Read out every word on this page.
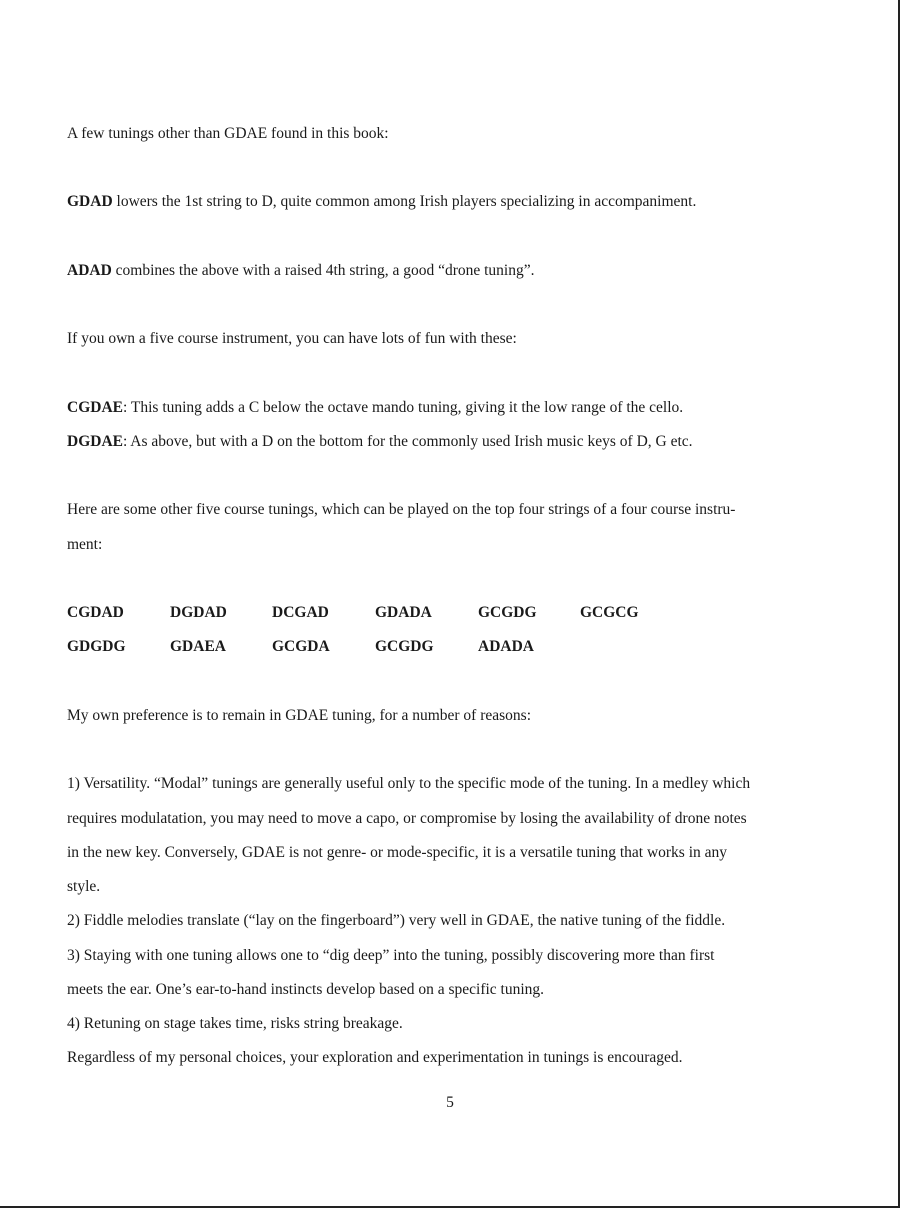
A few tunings other than GDAE found in this book:
GDAD lowers the 1st string to D, quite common among Irish players specializing in accompaniment.
ADAD combines the above with a raised 4th string, a good “drone tuning”.
If you own a five course instrument, you can have lots of fun with these:
CGDAE: This tuning adds a C below the octave mando tuning, giving it the low range of the cello.
DGDAE: As above, but with a D on the bottom for the commonly used Irish music keys of D, G etc.
Here are some other five course tunings, which can be played on the top four strings of a four course instru-
ment:
CGDAD	DGDAD	DCGAD	GDADA	GCGDG	GCGCG
GDGDG	GDAEA	GCGDA	GCGDG	ADADA
My own preference is to remain in GDAE tuning, for a number of reasons:
1) Versatility. “Modal” tunings are generally useful only to the specific mode of the tuning. In a medley which
requires modulatation, you may need to move a capo, or compromise by losing the availability of drone notes
in the new key. Conversely, GDAE is not genre- or mode-specific, it is a versatile tuning that works in any
style.
2) Fiddle melodies translate (“lay on the fingerboard”) very well in GDAE, the native tuning of the fiddle.
3) Staying with one tuning allows one to “dig deep” into the tuning, possibly discovering more than first
meets the ear. One’s ear-to-hand instincts develop based on a specific tuning.
4) Retuning on stage takes time, risks string breakage.
Regardless of my personal choices, your exploration and experimentation in tunings is encouraged.
5
